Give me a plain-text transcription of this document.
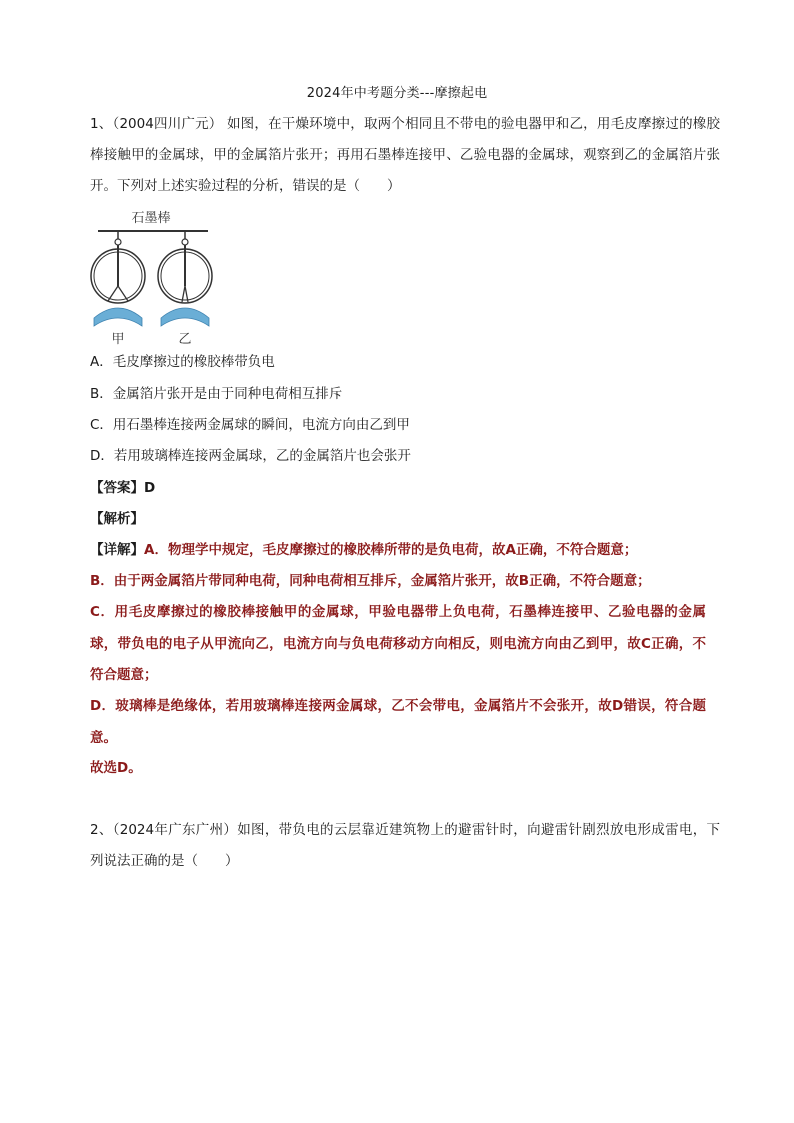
2024年中考题分类---摩擦起电
1、（2004四川广元） 如图，在干燥环境中，取两个相同且不带电的验电器甲和乙，用毛皮摩擦过的橡胶棒接触甲的金属球，甲的金属箔片张开；再用石墨棒连接甲、乙验电器的金属球，观察到乙的金属箔片张开。下列对上述实验过程的分析，错误的是（　　）
石墨棒
甲	乙
A．毛皮摩擦过的橡胶棒带负电
B．金属箔片张开是由于同种电荷相互排斥
C．用石墨棒连接两金属球的瞬间，电流方向由乙到甲
D．若用玻璃棒连接两金属球，乙的金属箔片也会张开
【答案】D
【解析】
【详解】A．物理学中规定，毛皮摩擦过的橡胶棒所带的是负电荷，故A正确，不符合题意；
B．由于两金属箔片带同种电荷，同种电荷相互排斥，金属箔片张开，故B正确，不符合题意；
C．用毛皮摩擦过的橡胶棒接触甲的金属球，甲验电器带上负电荷，石墨棒连接甲、乙验电器的金属球，带负电的电子从甲流向乙，电流方向与负电荷移动方向相反，则电流方向由乙到甲，故C正确，不符合题意；
D．玻璃棒是绝缘体，若用玻璃棒连接两金属球，乙不会带电，金属箔片不会张开，故D错误，符合题意。
故选D。
2、（2024年广东广州）如图，带负电的云层靠近建筑物上的避雷针时，向避雷针剧烈放电形成雷电，下列说法正确的是（　　）
